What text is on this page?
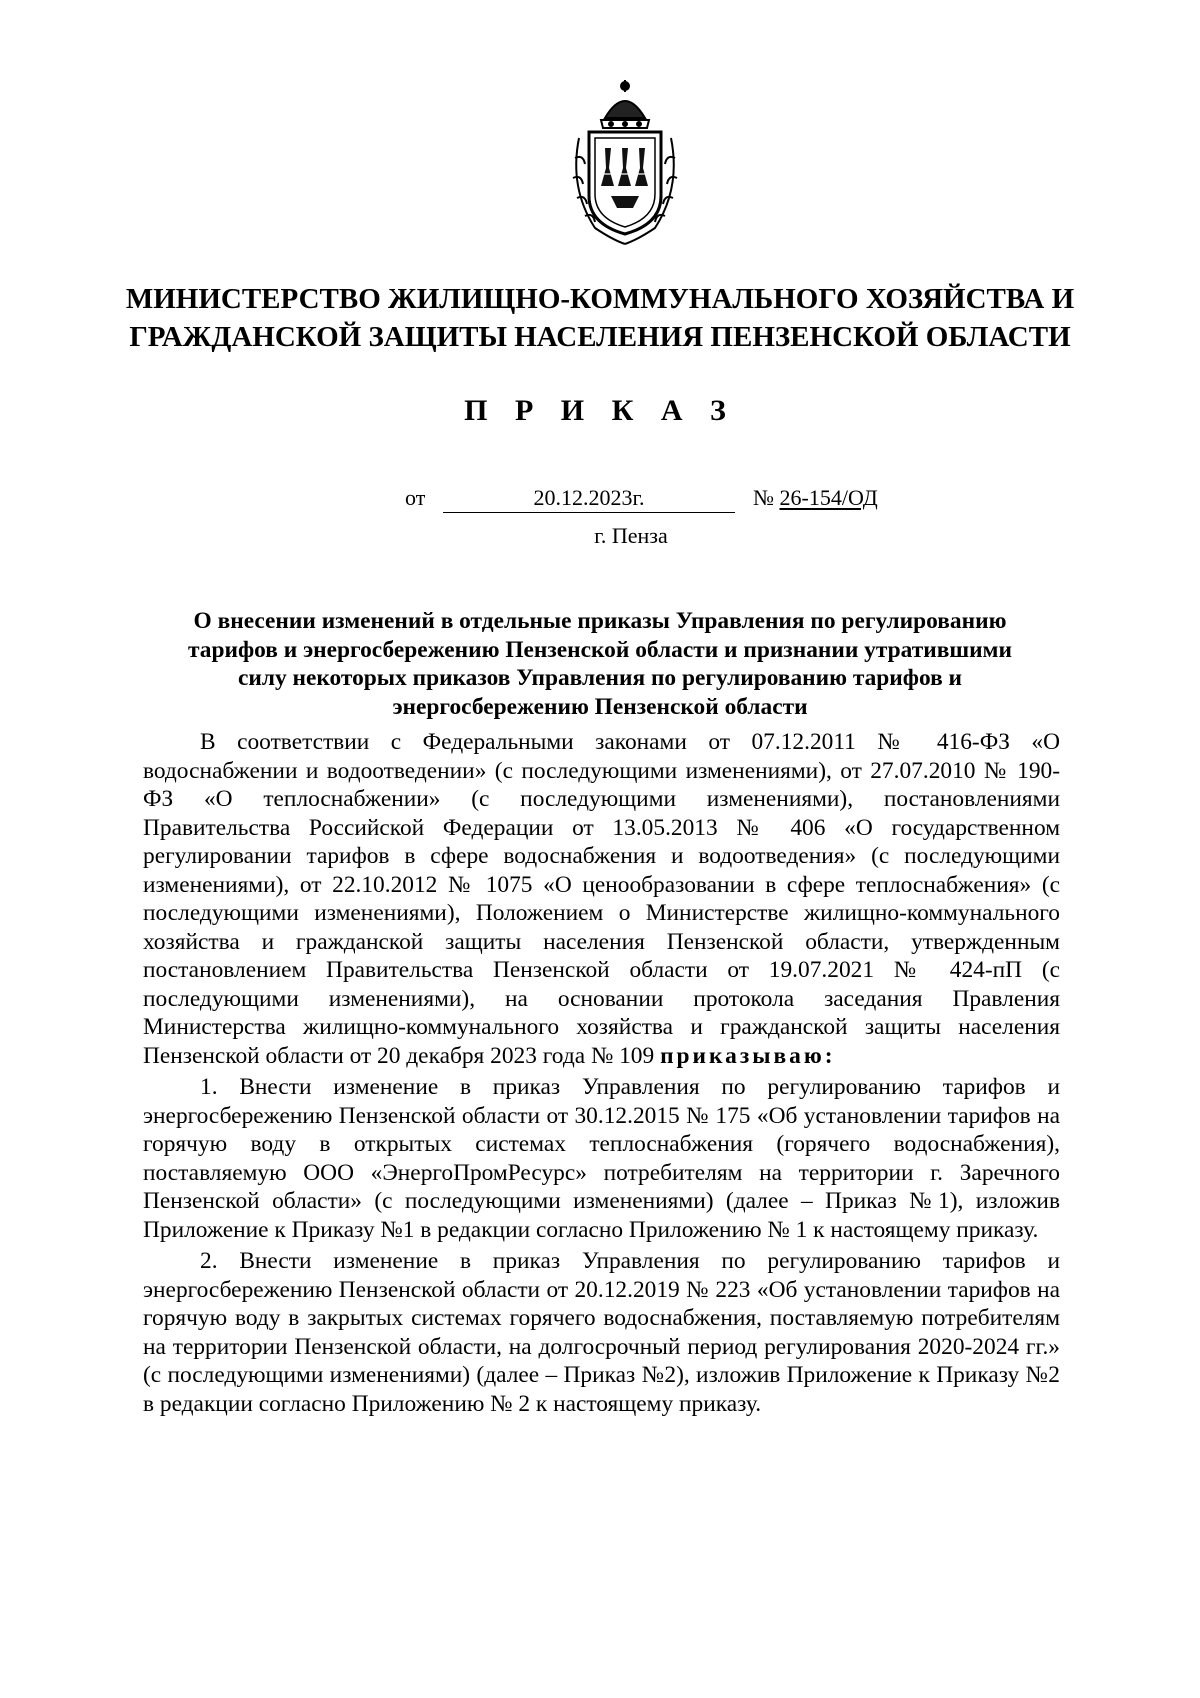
МИНИСТЕРСТВО ЖИЛИЩНО-КОММУНАЛЬНОГО ХОЗЯЙСТВА И
ГРАЖДАНСКОЙ ЗАЩИТЫ НАСЕЛЕНИЯ ПЕНЗЕНСКОЙ ОБЛАСТИ
П Р И К А З
от	20.12.2023г.	№ 26-154/ОД
г. Пенза
О внесении изменений в отдельные приказы Управления по регулированию
тарифов и энергосбережению Пензенской области и признании утратившими
силу некоторых приказов Управления по регулированию тарифов и
энергосбережению Пензенской области

В соответствии с Федеральными законами от 07.12.2011 № 416-ФЗ «О водоснабжении и водоотведении» (с последующими изменениями), от 27.07.2010 № 190-ФЗ «О теплоснабжении» (с последующими изменениями), постановлениями Правительства Российской Федерации от 13.05.2013 № 406 «О государственном регулировании тарифов в сфере водоснабжения и водоотведения» (с последующими изменениями), от 22.10.2012 № 1075 «О ценообразовании в сфере теплоснабжения» (с последующими изменениями), Положением о Министерстве жилищно-коммунального хозяйства и гражданской защиты населения Пензенской области, утвержденным постановлением Правительства Пензенской области от 19.07.2021 № 424-пП (с последующими изменениями), на основании протокола заседания Правления Министерства жилищно-коммунального хозяйства и гражданской защиты населения Пензенской области от 20 декабря 2023 года № 109 приказываю:

1. Внести изменение в приказ Управления по регулированию тарифов и энергосбережению Пензенской области от 30.12.2015 № 175 «Об установлении тарифов на горячую воду в открытых системах теплоснабжения (горячего водоснабжения), поставляемую ООО «ЭнергоПромРесурс» потребителям на территории г. Заречного Пензенской области» (с последующими изменениями) (далее – Приказ №1), изложив Приложение к Приказу №1 в редакции согласно Приложению № 1 к настоящему приказу.

2. Внести изменение в приказ Управления по регулированию тарифов и энергосбережению Пензенской области от 20.12.2019 № 223 «Об установлении тарифов на горячую воду в закрытых системах горячего водоснабжения, поставляемую потребителям на территории Пензенской области, на долгосрочный период регулирования 2020-2024 гг.» (с последующими изменениями) (далее – Приказ №2), изложив Приложение к Приказу №2 в редакции согласно Приложению № 2 к настоящему приказу.
